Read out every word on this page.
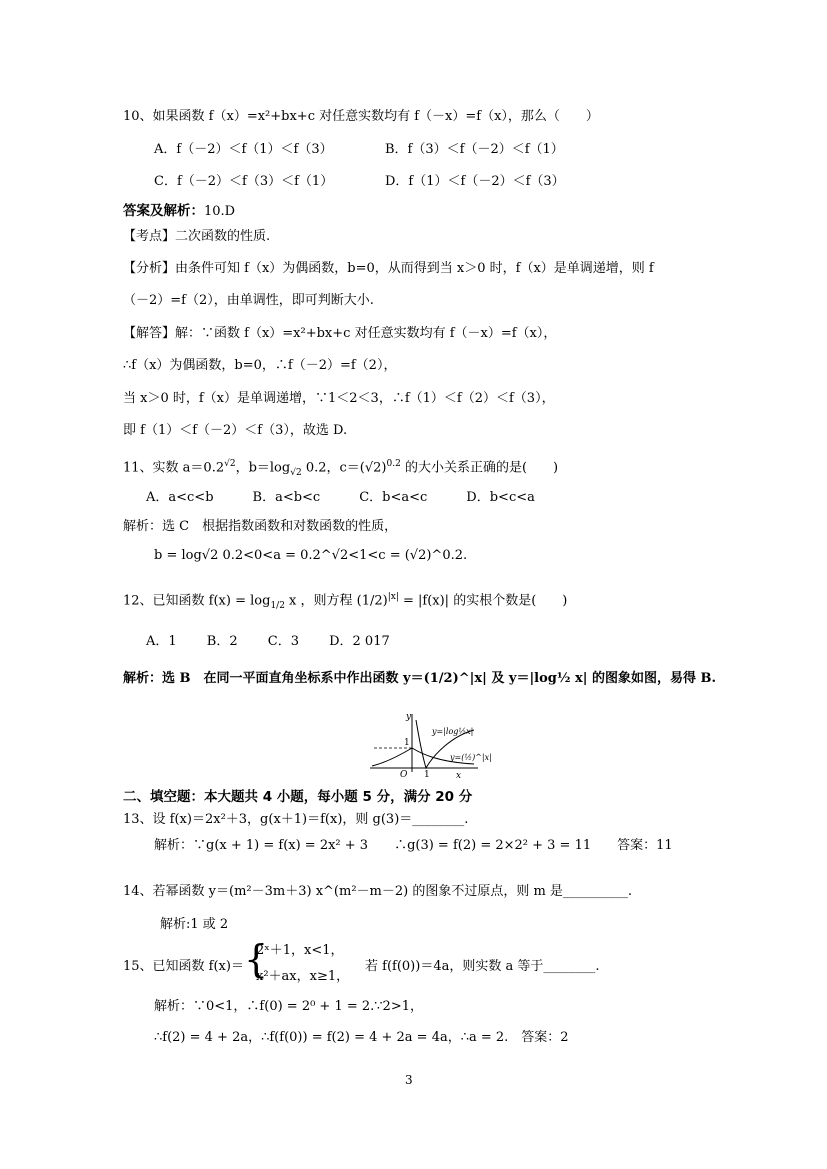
10、如果函数 f（x）=x²+bx+c 对任意实数均有 f（－x）=f（x），那么（　　）
A．f（－2）＜f（1）＜f（3）	B．f（3）＜f（－2）＜f（1）
C．f（－2）＜f（3）＜f（1）	D．f（1）＜f（－2）＜f（3）
答案及解析：10.D
【考点】二次函数的性质.
【分析】由条件可知 f（x）为偶函数，b=0，从而得到当 x＞0 时，f（x）是单调递增，则 f
（－2）=f（2），由单调性，即可判断大小.
【解答】解：∵函数 f（x）=x²+bx+c 对任意实数均有 f（－x）=f（x），
∴f（x）为偶函数，b=0，∴f（－2）=f（2），
当 x＞0 时，f（x）是单调递增，∵1＜2＜3，∴f（1）＜f（2）＜f（3），
即 f（1）＜f（－2）＜f（3），故选 D.
11、实数 $a=0.2^{√2}$，$b=\log_{√2}$ 0.2，$c=(√2)^{0.2}$ 的大小关系正确的是(　　)
A．a<c<b　　　B．a<b<c　　　C．b<a<c　　　D．b<c<a
解析：选 C　根据指数函数和对数函数的性质，
b = log√2 0.2<0<a = 0.2^√2<1<c = (√2)^0.2.
12、已知函数 $f(x) = \log_{1/2} x$ ，则方程 $(1/2)^{|x|} = |f(x)|$ 的实根个数是(　　)
A．1　　 B．2　　 C．3　　 D．2 017
解析：选 B　在同一平面直角坐标系中作出函数 y＝(1/2)^|x| 及 y＝|log½ x| 的图象如图，易得 B.
y
1
O 1	x
y=|log½x|
y=(½)^|x|
二、填空题：本大题共 4 小题，每小题 5 分，满分 20 分
13、设 f(x)＝2x²＋3，g(x＋1)＝f(x)，则 g(3)＝________.
解析：∵g(x + 1) = f(x) = 2x² + 3　　∴g(3) = f(2) = 2×2² + 3 = 11　　答案：11
14、若幂函数 y＝(m²－3m＋3) x^(m²－m－2) 的图象不过原点，则 m 是__________.
解析:1 或 2
15、已知函数 f(x)＝ {
2ˣ＋1，x<1，
x²＋ax，x≥1，
若 f(f(0))＝4a，则实数 a 等于________.
解析：∵0<1，∴f(0) = 2⁰ + 1 = 2.∵2>1，
∴f(2) = 4 + 2a，∴f(f(0)) = f(2) = 4 + 2a = 4a，∴a = 2.　答案：2
3
